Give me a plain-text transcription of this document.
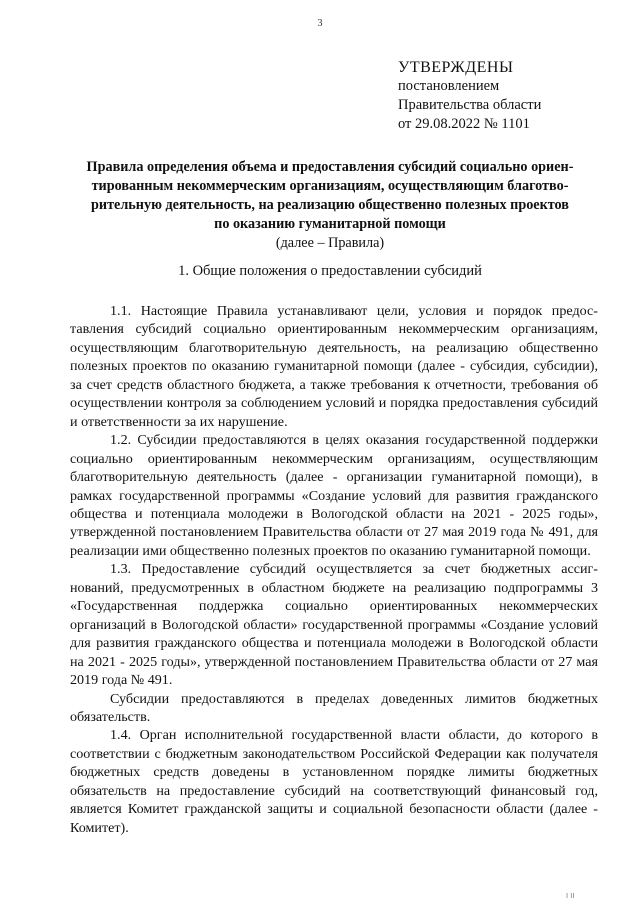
3
УТВЕРЖДЕНЫ
постановлением
Правительства области
от 29.08.2022 № 1101
Правила определения объема и предоставления субсидий социально ориен-
тированным некоммерческим организациям, осуществляющим благотво-
рительную деятельность, на реализацию общественно полезных проектов
по оказанию гуманитарной помощи
(далее – Правила)
1. Общие положения о предоставлении субсидий

1.1. Настоящие Правила устанавливают цели, условия и порядок предоставления субсидий социально ориентированным некоммерческим организациям, осуществляющим благотворительную деятельность, на реализацию общественно полезных проектов по оказанию гуманитарной помощи (далее - субсидия, субсидии), за счет средств областного бюджета, а также требования к отчетности, требования об осуществлении контроля за соблюдением условий и порядка предоставления субсидий и ответственности за их нарушение.

1.2. Субсидии предоставляются в целях оказания государственной поддержки социально ориентированным некоммерческим организациям, осуществляющим благотворительную деятельность (далее - организации гуманитарной помощи), в рамках государственной программы «Создание условий для развития гражданского общества и потенциала молодежи в Вологодской области на 2021 - 2025 годы», утвержденной постановлением Правительства области от 27 мая 2019 года № 491, для реализации ими общественно полезных проектов по оказанию гуманитарной помощи.

1.3. Предоставление субсидий осуществляется за счет бюджетных ассигнований, предусмотренных в областном бюджете на реализацию подпрограммы 3 «Государственная поддержка социально ориентированных некоммерческих организаций в Вологодской области» государственной программы «Создание условий для развития гражданского общества и потенциала молодежи в Вологодской области на 2021 - 2025 годы», утвержденной постановлением Правительства области от 27 мая 2019 года № 491.

Субсидии предоставляются в пределах доведенных лимитов бюджетных обязательств.

1.4. Орган исполнительной государственной власти области, до которого в соответствии с бюджетным законодательством Российской Федерации как получателя бюджетных средств доведены в установленном порядке лимиты бюджетных обязательств на предоставление субсидий на соответствующий финансовый год, является Комитет гражданской защиты и социальной безопасности области (далее - Комитет).

I II
